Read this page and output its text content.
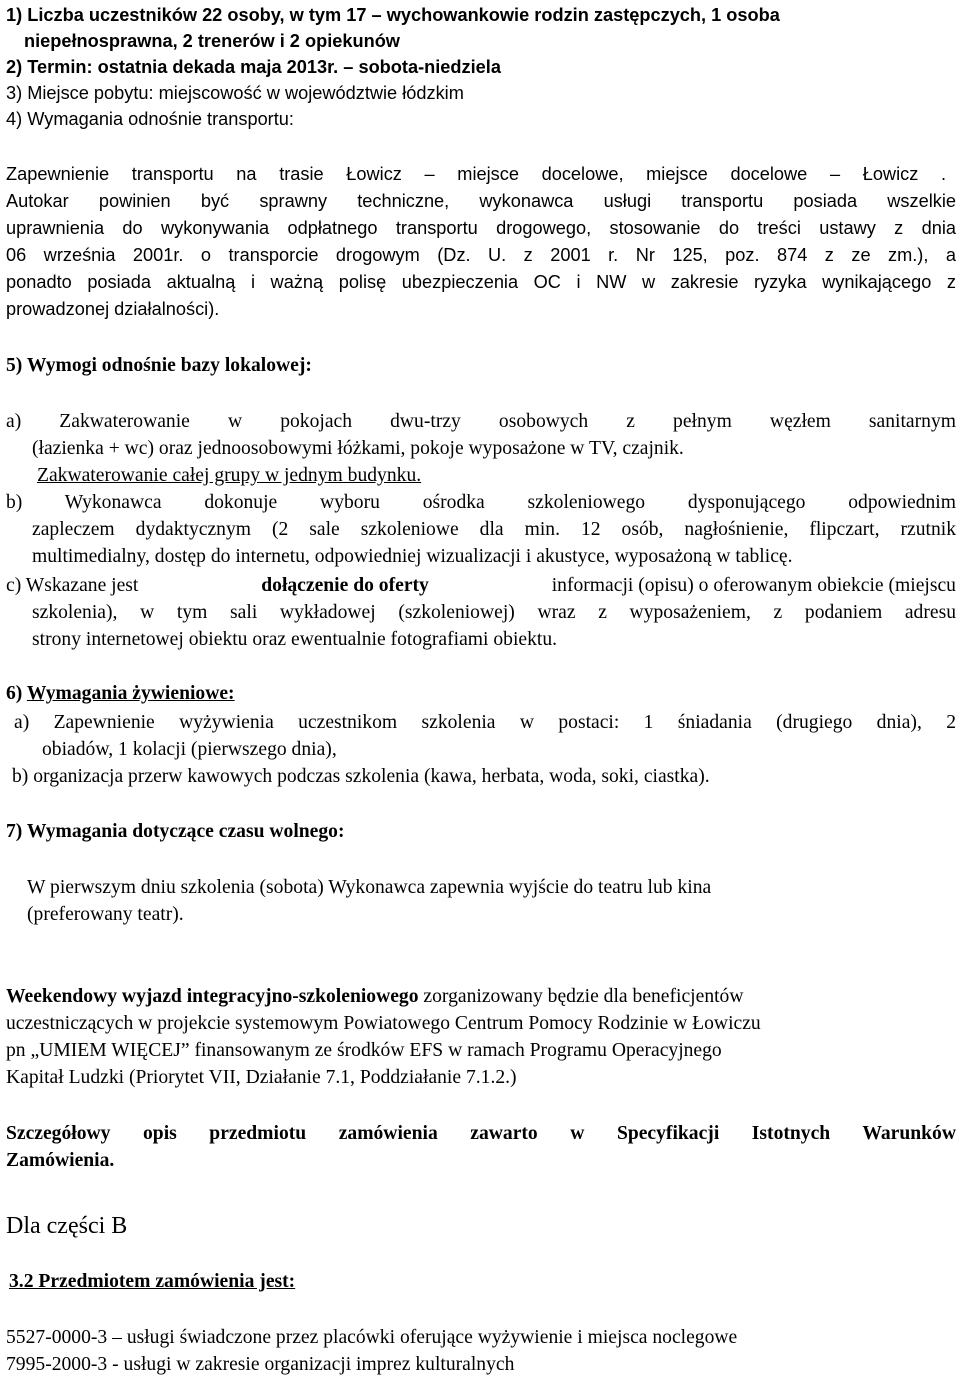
1) Liczba uczestników 22 osoby, w tym 17 – wychowankowie rodzin zastępczych, 1 osoba
niepełnosprawna, 2 trenerów i 2 opiekunów
2) Termin: ostatnia dekada maja 2013r. – sobota-niedziela
3) Miejsce pobytu: miejscowość w województwie łódzkim
4) Wymagania odnośnie transportu:
Zapewnienie transportu na trasie Łowicz – miejsce docelowe, miejsce docelowe – Łowicz .
Autokar powinien być sprawny techniczne, wykonawca usługi transportu posiada wszelkie
uprawnienia do wykonywania odpłatnego transportu drogowego, stosowanie do treści ustawy z dnia
06 września 2001r. o transporcie drogowym (Dz. U. z 2001 r. Nr 125, poz. 874 z ze zm.), a
ponadto posiada aktualną i ważną polisę ubezpieczenia OC i NW w zakresie ryzyka wynikającego z
prowadzonej działalności).
5) Wymogi odnośnie bazy lokalowej:
a) Zakwaterowanie w pokojach dwu-trzy osobowych z pełnym węzłem sanitarnym
(łazienka + wc) oraz jednoosobowymi łóżkami, pokoje wyposażone w TV, czajnik.
Zakwaterowanie całej grupy w jednym budynku.
b) Wykonawca dokonuje wyboru ośrodka szkoleniowego dysponującego odpowiednim
zapleczem dydaktycznym (2 sale szkoleniowe dla min. 12 osób, nagłośnienie, flipczart, rzutnik
multimedialny, dostęp do internetu, odpowiedniej wizualizacji i akustyce, wyposażoną w tablicę.
c) Wskazane jest	dołączenie do oferty	informacji (opisu) o oferowanym obiekcie (miejscu
szkolenia), w tym sali wykładowej (szkoleniowej) wraz z wyposażeniem, z podaniem adresu
strony internetowej obiektu oraz ewentualnie fotografiami obiektu.
6) Wymagania żywieniowe:
a) Zapewnienie wyżywienia uczestnikom szkolenia w postaci: 1 śniadania (drugiego dnia), 2
obiadów, 1 kolacji (pierwszego dnia),
b) organizacja przerw kawowych podczas szkolenia (kawa, herbata, woda, soki, ciastka).
7) Wymagania dotyczące czasu wolnego:
W pierwszym dniu szkolenia (sobota) Wykonawca zapewnia wyjście do teatru lub kina
(preferowany teatr).
Weekendowy wyjazd integracyjno-szkoleniowego zorganizowany będzie dla beneficjentów
uczestniczących w projekcie systemowym Powiatowego Centrum Pomocy Rodzinie w Łowiczu
pn „UMIEM WIĘCEJ” finansowanym ze środków EFS w ramach Programu Operacyjnego
Kapitał Ludzki (Priorytet VII, Działanie 7.1, Poddziałanie 7.1.2.)
Szczegółowy opis przedmiotu zamówienia zawarto w Specyfikacji Istotnych Warunków
Zamówienia.
Dla części B
3.2 Przedmiotem zamówienia jest:
5527-0000-3 – usługi świadczone przez placówki oferujące wyżywienie i miejsca noclegowe
7995-2000-3 - usługi w zakresie organizacji imprez kulturalnych
